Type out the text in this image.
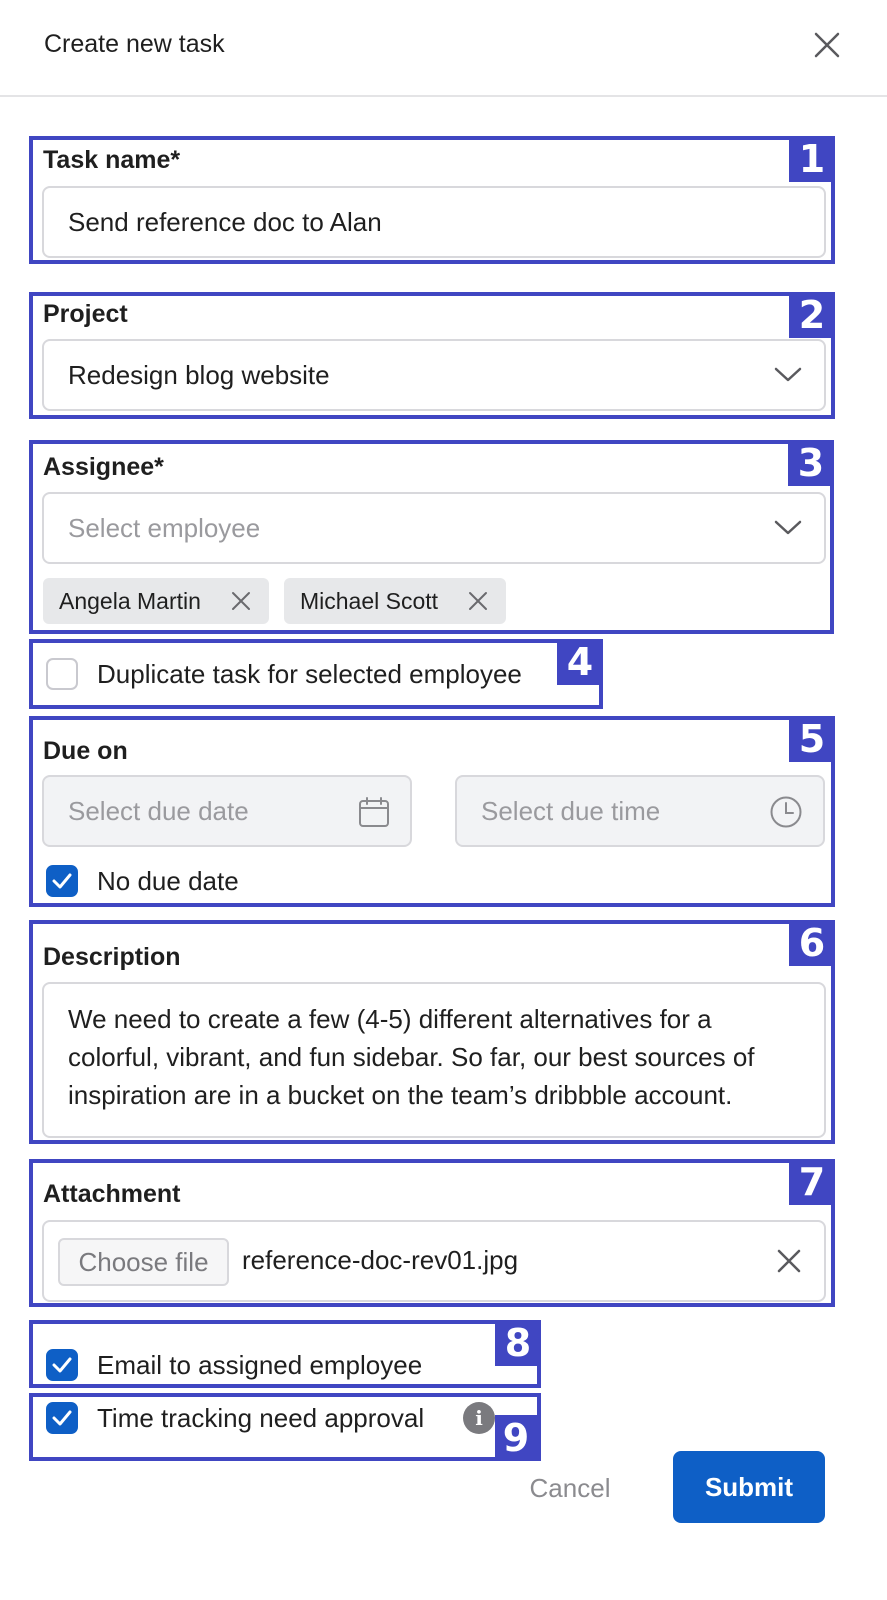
Create new task
1
Task name*
Send reference doc to Alan
2
Project
Redesign blog website
3
Assignee*
Select employee
Angela Martin	Michael Scott
4
Duplicate task for selected employee
5
Due on
Select due date	Select due time
No due date
6
Description
We need to create a few (4-5) different alternatives for a
colorful, vibrant, and fun sidebar. So far, our best sources of
inspiration are in a bucket on the team’s dribbble account.
7
Attachment
Choose file	reference-doc-rev01.jpg
8
Email to assigned employee
9
Time tracking need approval	i
Cancel	Submit
